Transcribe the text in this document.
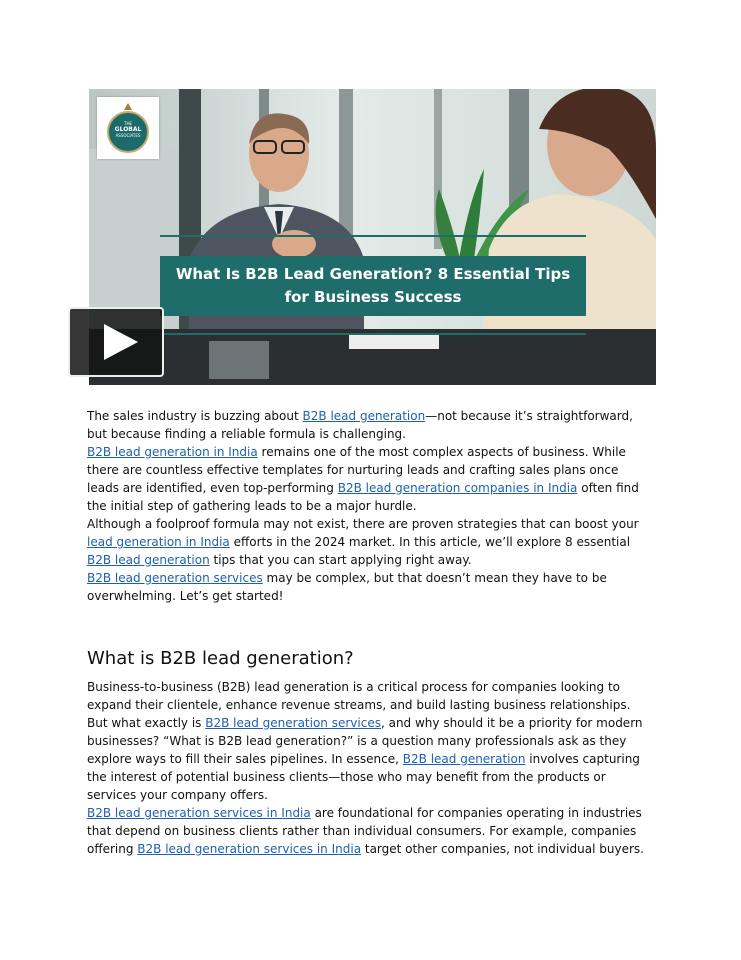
THE
GLOBAL
ASSOCIATES
What Is B2B Lead Generation? 8 Essential Tips
for Business Success

The sales industry is buzzing about B2B lead generation—not because it’s straightforward, but because finding a reliable formula is challenging.

B2B lead generation in India remains one of the most complex aspects of business. While there are countless effective templates for nurturing leads and crafting sales plans once leads are identified, even top-performing B2B lead generation companies in India often find the initial step of gathering leads to be a major hurdle.

Although a foolproof formula may not exist, there are proven strategies that can boost your lead generation in India efforts in the 2024 market. In this article, we’ll explore 8 essential B2B lead generation tips that you can start applying right away.

B2B lead generation services may be complex, but that doesn’t mean they have to be overwhelming. Let’s get started!

What is B2B lead generation?

Business-to-business (B2B) lead generation is a critical process for companies looking to expand their clientele, enhance revenue streams, and build lasting business relationships. But what exactly is B2B lead generation services, and why should it be a priority for modern businesses? “What is B2B lead generation?” is a question many professionals ask as they explore ways to fill their sales pipelines. In essence, B2B lead generation involves capturing the interest of potential business clients—those who may benefit from the products or services your company offers.

B2B lead generation services in India are foundational for companies operating in industries that depend on business clients rather than individual consumers. For example, companies offering B2B lead generation services in India target other companies, not individual buyers.
